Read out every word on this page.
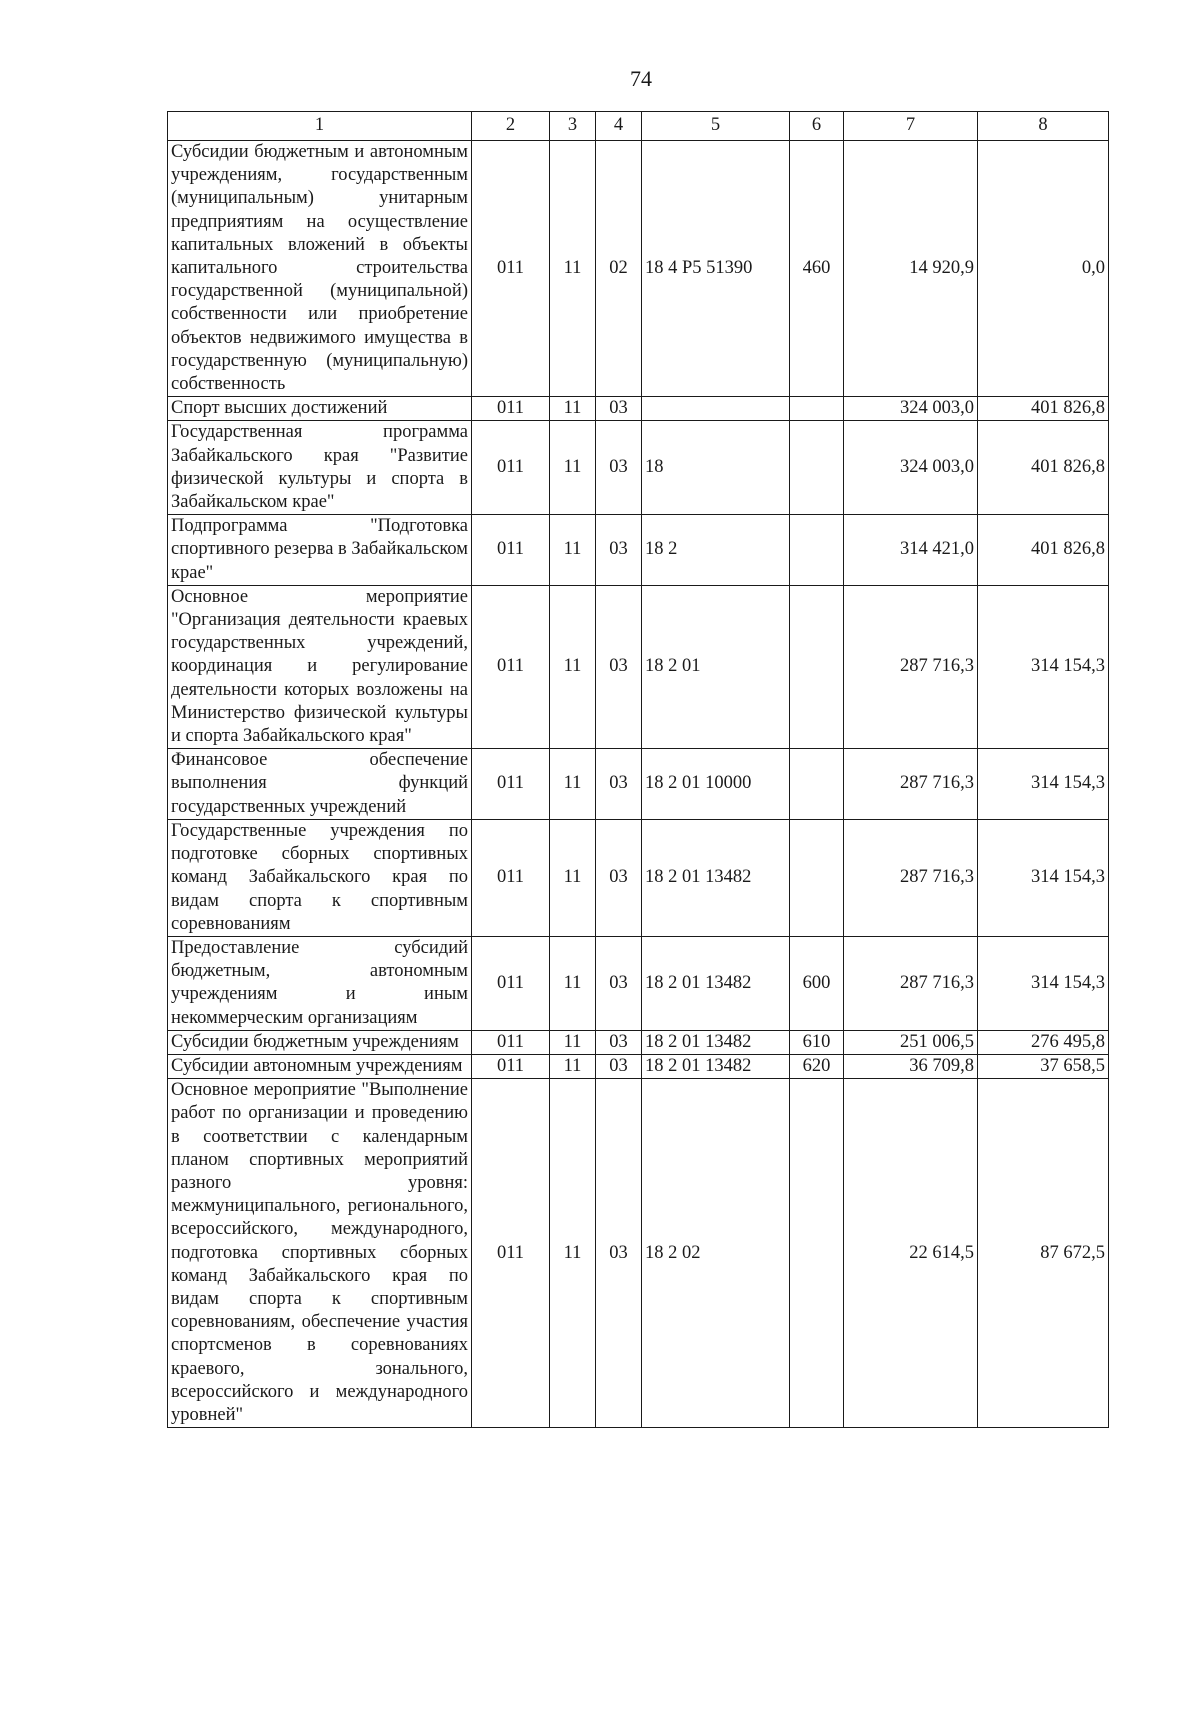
74
1	2	3	4	5	6	7	8
Субсидии бюджетным и автономным учреждениям, государственным (муниципальным) унитарным предприятиям на осуществление капитальных вложений в объекты капитального строительства государственной (муниципальной) собственности или приобретение объектов недвижимого имущества в государственную (муниципальную) собственность	011	11	02	18 4 P5 51390	460	14 920,9	0,0
Спорт высших достижений	011	11	03			324 003,0	401 826,8
Государственная программа Забайкальского края "Развитие физической культуры и спорта в Забайкальском крае"	011	11	03	18		324 003,0	401 826,8
Подпрограмма "Подготовка спортивного резерва в Забайкальском крае"	011	11	03	18 2		314 421,0	401 826,8
Основное мероприятие "Организация деятельности краевых государственных учреждений, координация и регулирование деятельности которых возложены на Министерство физической культуры и спорта Забайкальского края"	011	11	03	18 2 01		287 716,3	314 154,3
Финансовое обеспечение выполнения функций государственных учреждений	011	11	03	18 2 01 10000		287 716,3	314 154,3
Государственные учреждения по подготовке сборных спортивных команд Забайкальского края по видам спорта к спортивным соревнованиям	011	11	03	18 2 01 13482		287 716,3	314 154,3
Предоставление субсидий бюджетным, автономным учреждениям и иным некоммерческим организациям	011	11	03	18 2 01 13482	600	287 716,3	314 154,3
Субсидии бюджетным учреждениям	011	11	03	18 2 01 13482	610	251 006,5	276 495,8
Субсидии автономным учреждениям	011	11	03	18 2 01 13482	620	36 709,8	37 658,5
Основное мероприятие "Выполнение работ по организации и проведению в соответствии с календарным планом спортивных мероприятий разного уровня: межмуниципального, регионального, всероссийского, международного, подготовка спортивных сборных команд Забайкальского края по видам спорта к спортивным соревнованиям, обеспечение участия спортсменов в соревнованиях краевого, зонального, всероссийского и международного уровней"	011	11	03	18 2 02		22 614,5	87 672,5
